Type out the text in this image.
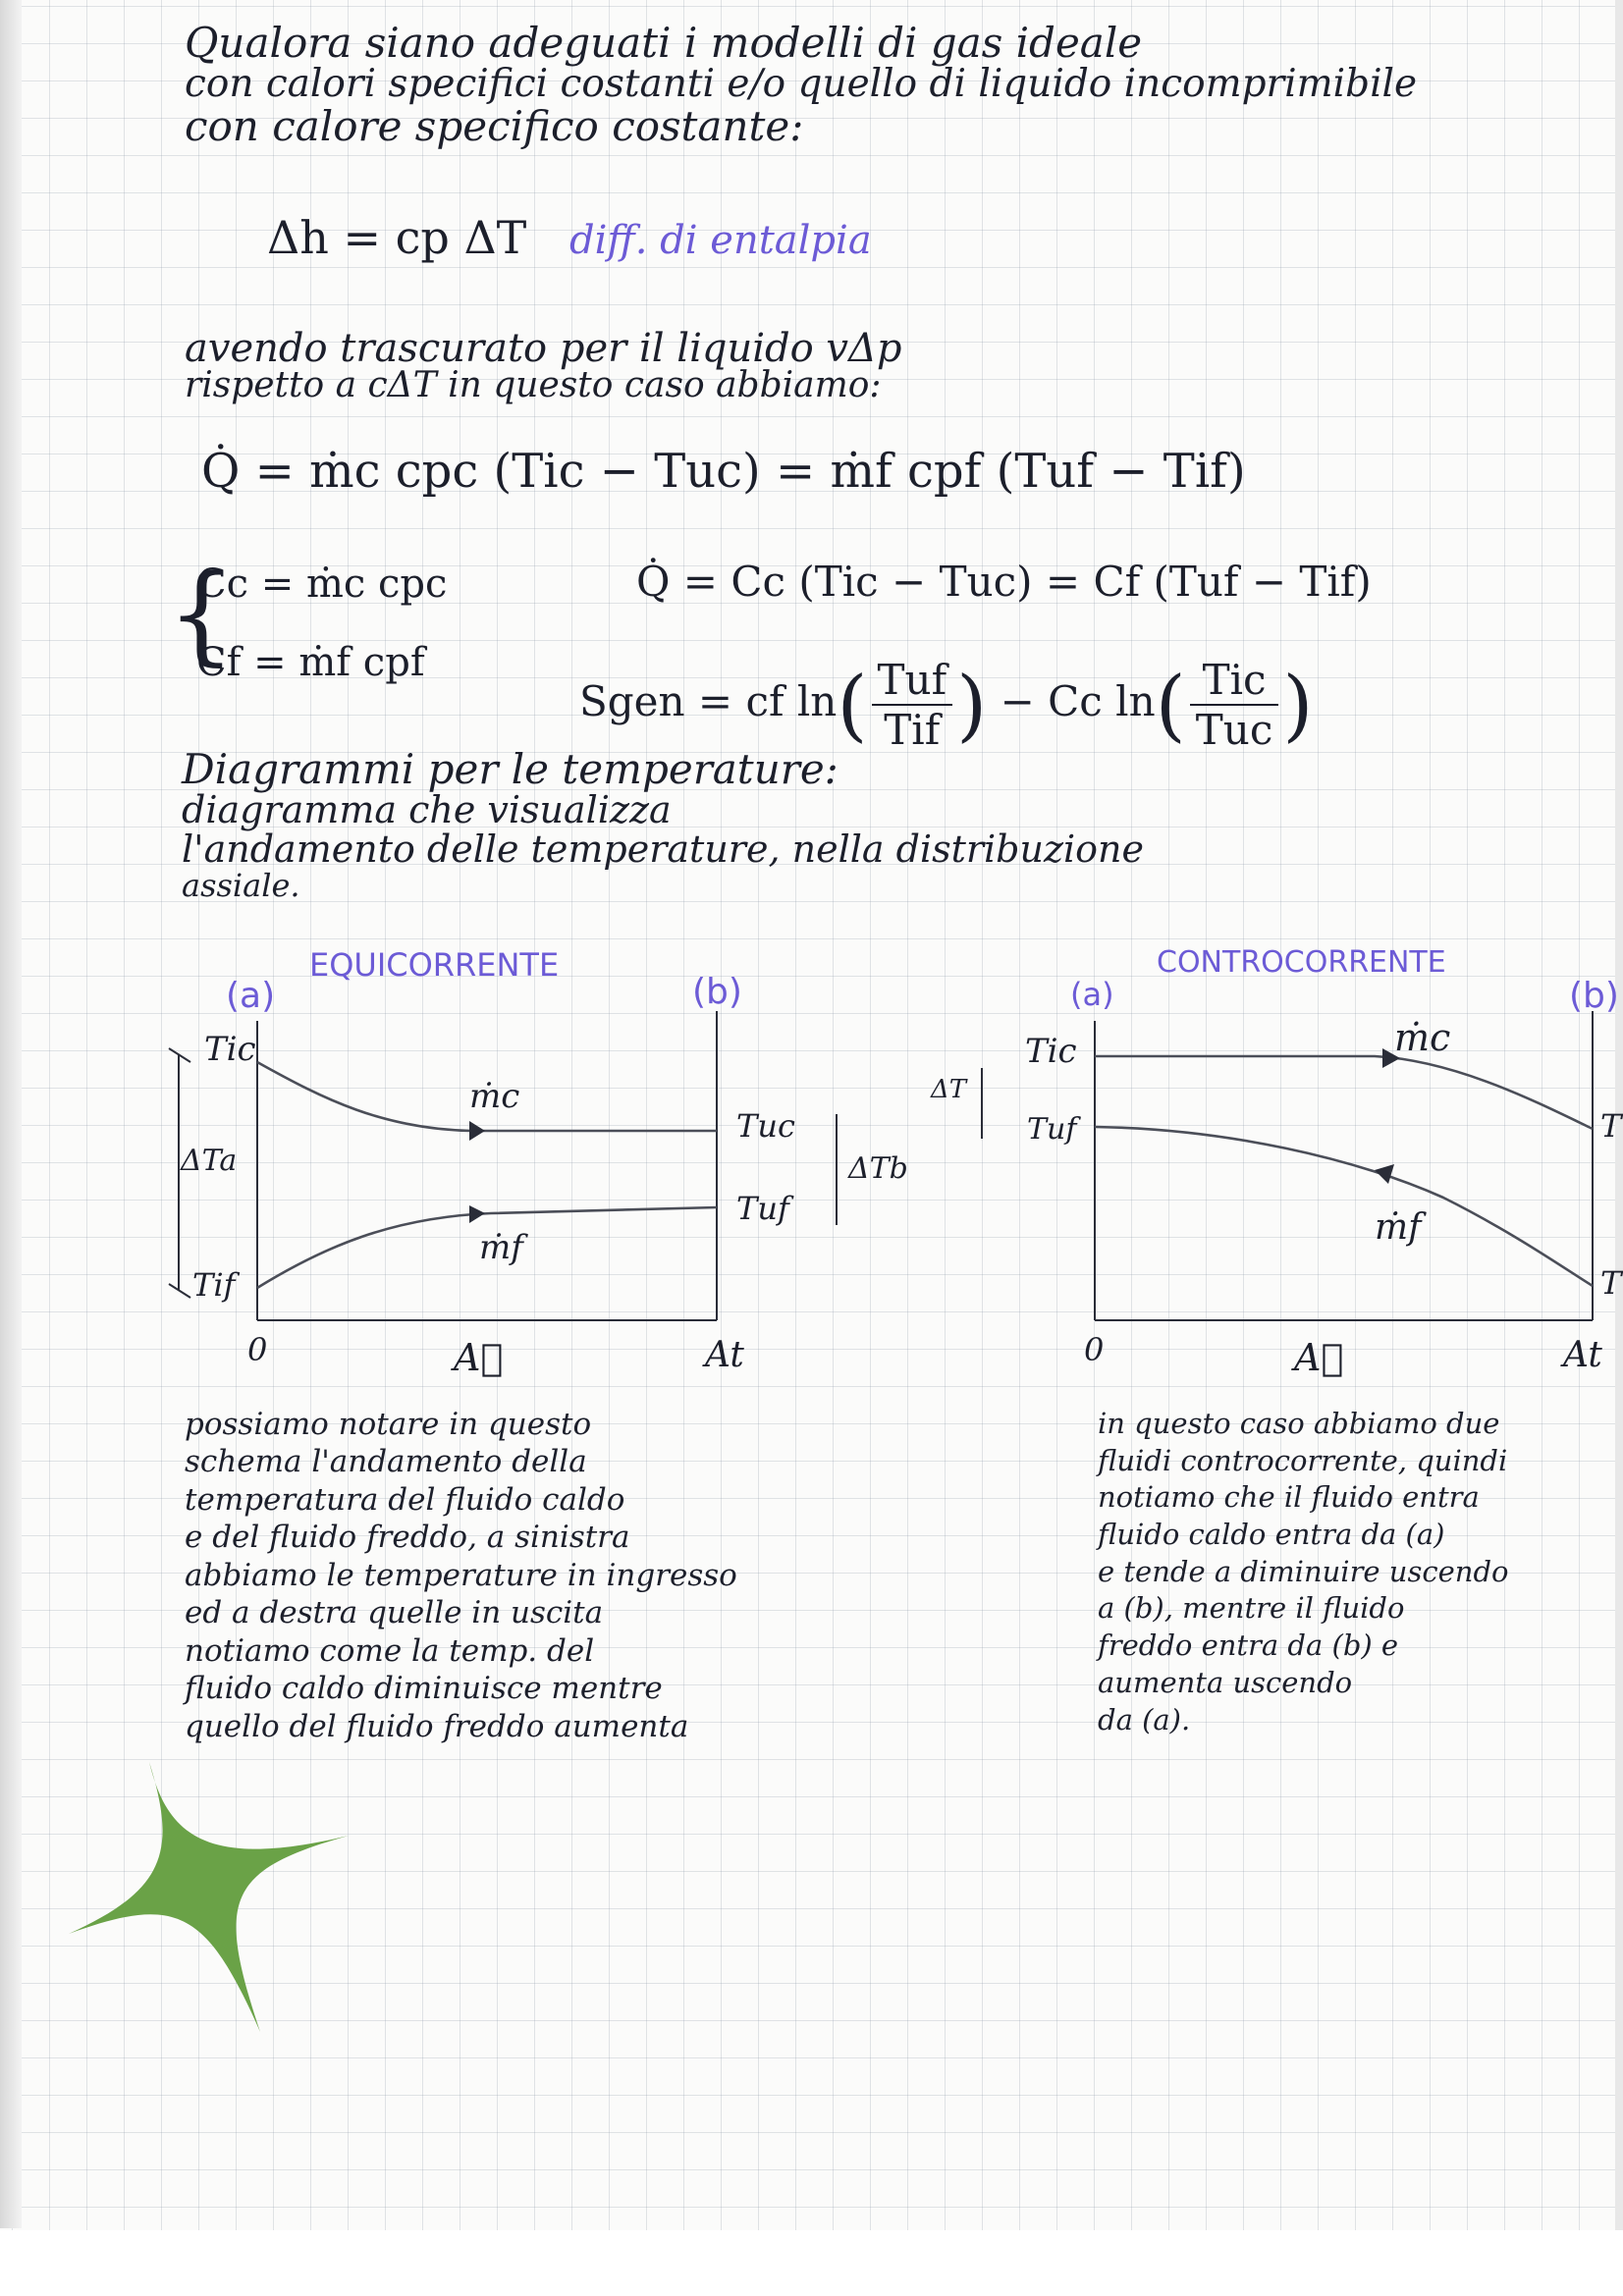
Qualora siano adeguati i modelli di gas ideale
con calori specifici costanti e/o quello di liquido incomprimibile
con calore specifico costante:
Δh = cp ΔT diff. di entalpia
avendo trascurato per il liquido vΔp
rispetto a cΔT in questo caso abbiamo:
Q̇ = ṁc cpc (Tic − Tuc) = ṁf cpf (Tuf − Tif)
{
Cc = ṁc cpc
Cf = ṁf cpf
Q̇ = Cc (Tic − Tuc) = Cf (Tuf − Tif)
Sgen = cf $\ln( \frac{\text{Tuf}}{\text{Tif}}$ ) − Cc $\ln( \frac{\text{Tic}}{\text{Tuc}}$ )
Diagrammi per le temperature:
diagramma che visualizza
l'andamento delle temperature, nella distribuzione
assiale.
EQUICORRENTE
(a)	(b)
Tic
ΔTa
Tif
ṁc
ṁf
Tuc
Tuf
ΔTb
0	A⃗	At
CONTROCORRENTE
(a)	(b)
Tic
Tuf
ΔT
ṁc
ṁf
T
T
0	A⃗	At
possiamo notare in questo
schema l'andamento della
temperatura del fluido caldo
e del fluido freddo, a sinistra
abbiamo le temperature in ingresso
ed a destra quelle in uscita
notiamo come la temp. del
fluido caldo diminuisce mentre
quello del fluido freddo aumenta
in questo caso abbiamo due
fluidi controcorrente, quindi
notiamo che il fluido entra
fluido caldo entra da (a)
e tende a diminuire uscendo
a (b), mentre il fluido
freddo entra da (b) e
aumenta uscendo
da (a).
